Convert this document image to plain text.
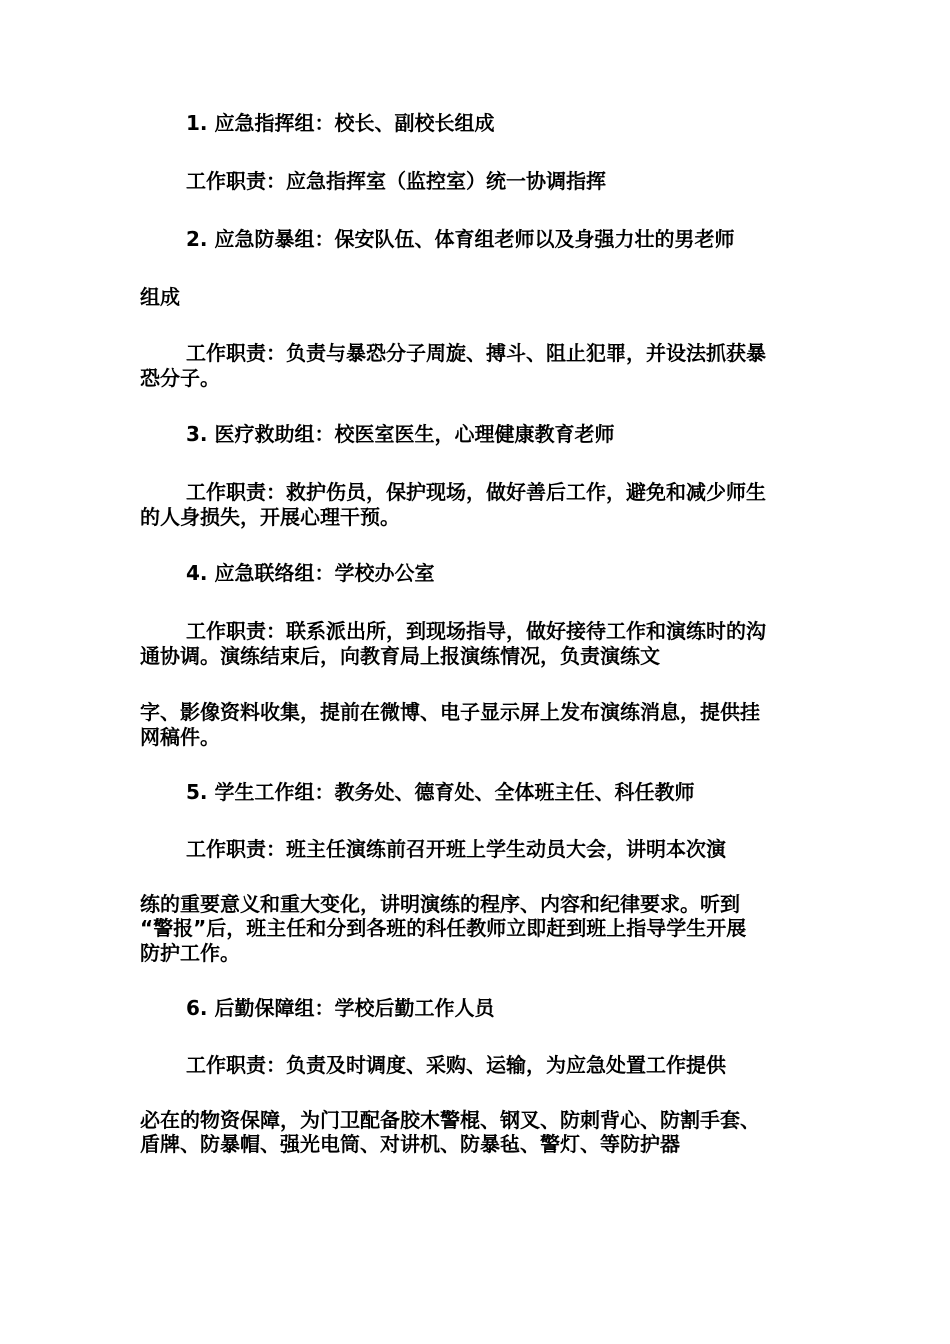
1. 应急指挥组：校长、副校长组成

工作职责：应急指挥室（监控室）统一协调指挥

2. 应急防暴组：保安队伍、体育组老师以及身强力壮的男老师

组成

工作职责：负责与暴恐分子周旋、搏斗、阻止犯罪，并设法抓获暴

恐分子。

3. 医疗救助组：校医室医生，心理健康教育老师

工作职责：救护伤员，保护现场，做好善后工作，避免和减少师生

的人身损失，开展心理干预。

4. 应急联络组：学校办公室

工作职责：联系派出所，到现场指导，做好接待工作和演练时的沟

通协调。演练结束后，向教育局上报演练情况，负责演练文

字、影像资料收集，提前在微博、电子显示屏上发布演练消息，提供挂

网稿件。

5. 学生工作组：教务处、德育处、全体班主任、科任教师

工作职责：班主任演练前召开班上学生动员大会，讲明本次演

练的重要意义和重大变化，讲明演练的程序、内容和纪律要求。听到

“警报”后，班主任和分到各班的科任教师立即赶到班上指导学生开展

防护工作。

6. 后勤保障组：学校后勤工作人员

工作职责：负责及时调度、采购、运输，为应急处置工作提供

必在的物资保障，为门卫配备胶木警棍、钢叉、防刺背心、防割手套、

盾牌、防暴帽、强光电筒、对讲机、防暴毡、警灯、等防护器
